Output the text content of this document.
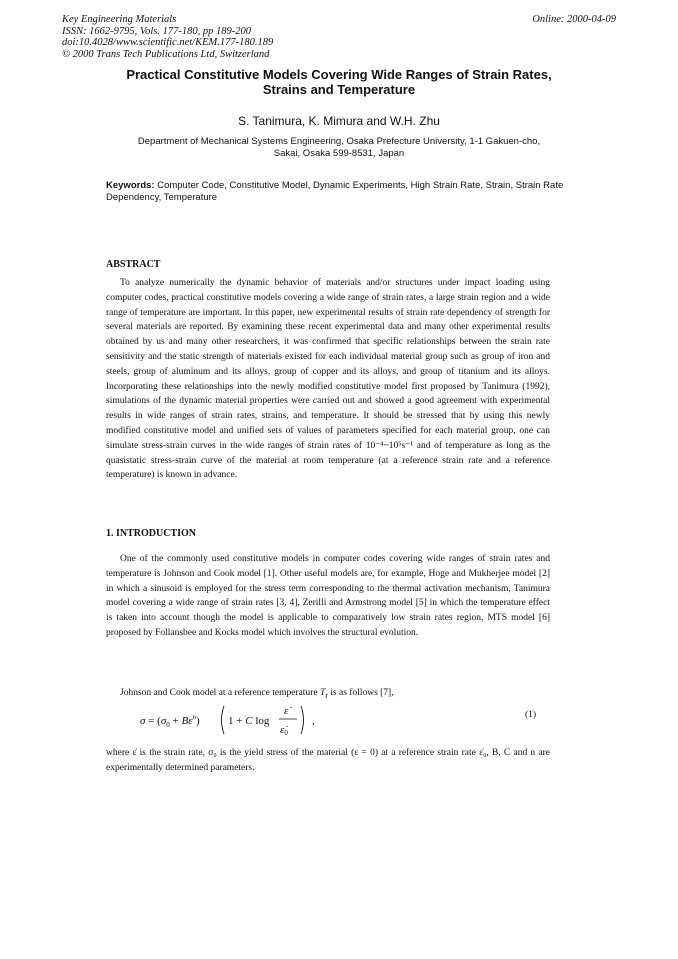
Key Engineering Materials
ISSN: 1662-9795, Vols. 177-180, pp 189-200
doi:10.4028/www.scientific.net/KEM.177-180.189
© 2000 Trans Tech Publications Ltd, Switzerland
Online: 2000-04-09
Practical Constitutive Models Covering Wide Ranges of Strain Rates,
Strains and Temperature
S. Tanimura, K. Mimura and W.H. Zhu
Department of Mechanical Systems Engineering, Osaka Prefecture University, 1-1 Gakuen-cho,
Sakai, Osaka 599-8531, Japan
Keywords: Computer Code, Constitutive Model, Dynamic Experiments, High Strain Rate, Strain, Strain Rate Dependency, Temperature
ABSTRACT

To analyze numerically the dynamic behavior of materials and/or structures under impact loading using computer codes, practical constitutive models covering a wide range of strain rates, a large strain region and a wide range of temperature are important. In this paper, new experimental results of strain rate dependency of strength for several materials are reported. By examining these recent experimental data and many other experimental results obtained by us and many other researchers, it was confirmed that specific relationships between the strain rate sensitivity and the static strength of materials existed for each individual material group such as group of iron and steels, group of aluminum and its alloys, group of copper and its alloys, and group of titanium and its alloys. Incorporating these relationships into the newly modified constitutive model first proposed by Tanimura (1992), simulations of the dynamic material properties were carried out and showed a good agreement with experimental results in wide ranges of strain rates, strains, and temperature. It should be stressed that by using this newly modified constitutive model and unified sets of values of parameters specified for each material group, one can simulate stress-strain curves in the wide ranges of strain rates of 10⁻⁴~10⁵s⁻¹ and of temperature as long as the quasistatic stress-strain curve of the material at room temperature (at a reference strain rate and a reference temperature) is known in advance.

1. INTRODUCTION

One of the commonly used constitutive models in computer codes covering wide ranges of strain rates and temperature is Johnson and Cook model [1]. Other useful models are, for example, Hoge and Mukherjee model [2] in which a sinusoid is employed for the stress term corresponding to the thermal activation mechanism, Tanimura model covering a wide range of strain rates [3, 4], Zerilli and Armstrong model [5] in which the temperature effect is taken into account though the model is applicable to comparatively low strain rates region, MTS model [6] proposed by Follansbee and Kocks model which involves the structural evolution.

Johnson and Cook model at a reference temperature $T_r$ is as follows [7],

$\sigma = (\sigma_0 + B\varepsilon^n)$	1 + C log
ε̇
ε̇0
,	(1)

where ε̇ is the strain rate, σ₀ is the yield stress of the material (ε = 0) at a reference strain rate ε̇₀, B, C and n are experimentally determined parameters.
